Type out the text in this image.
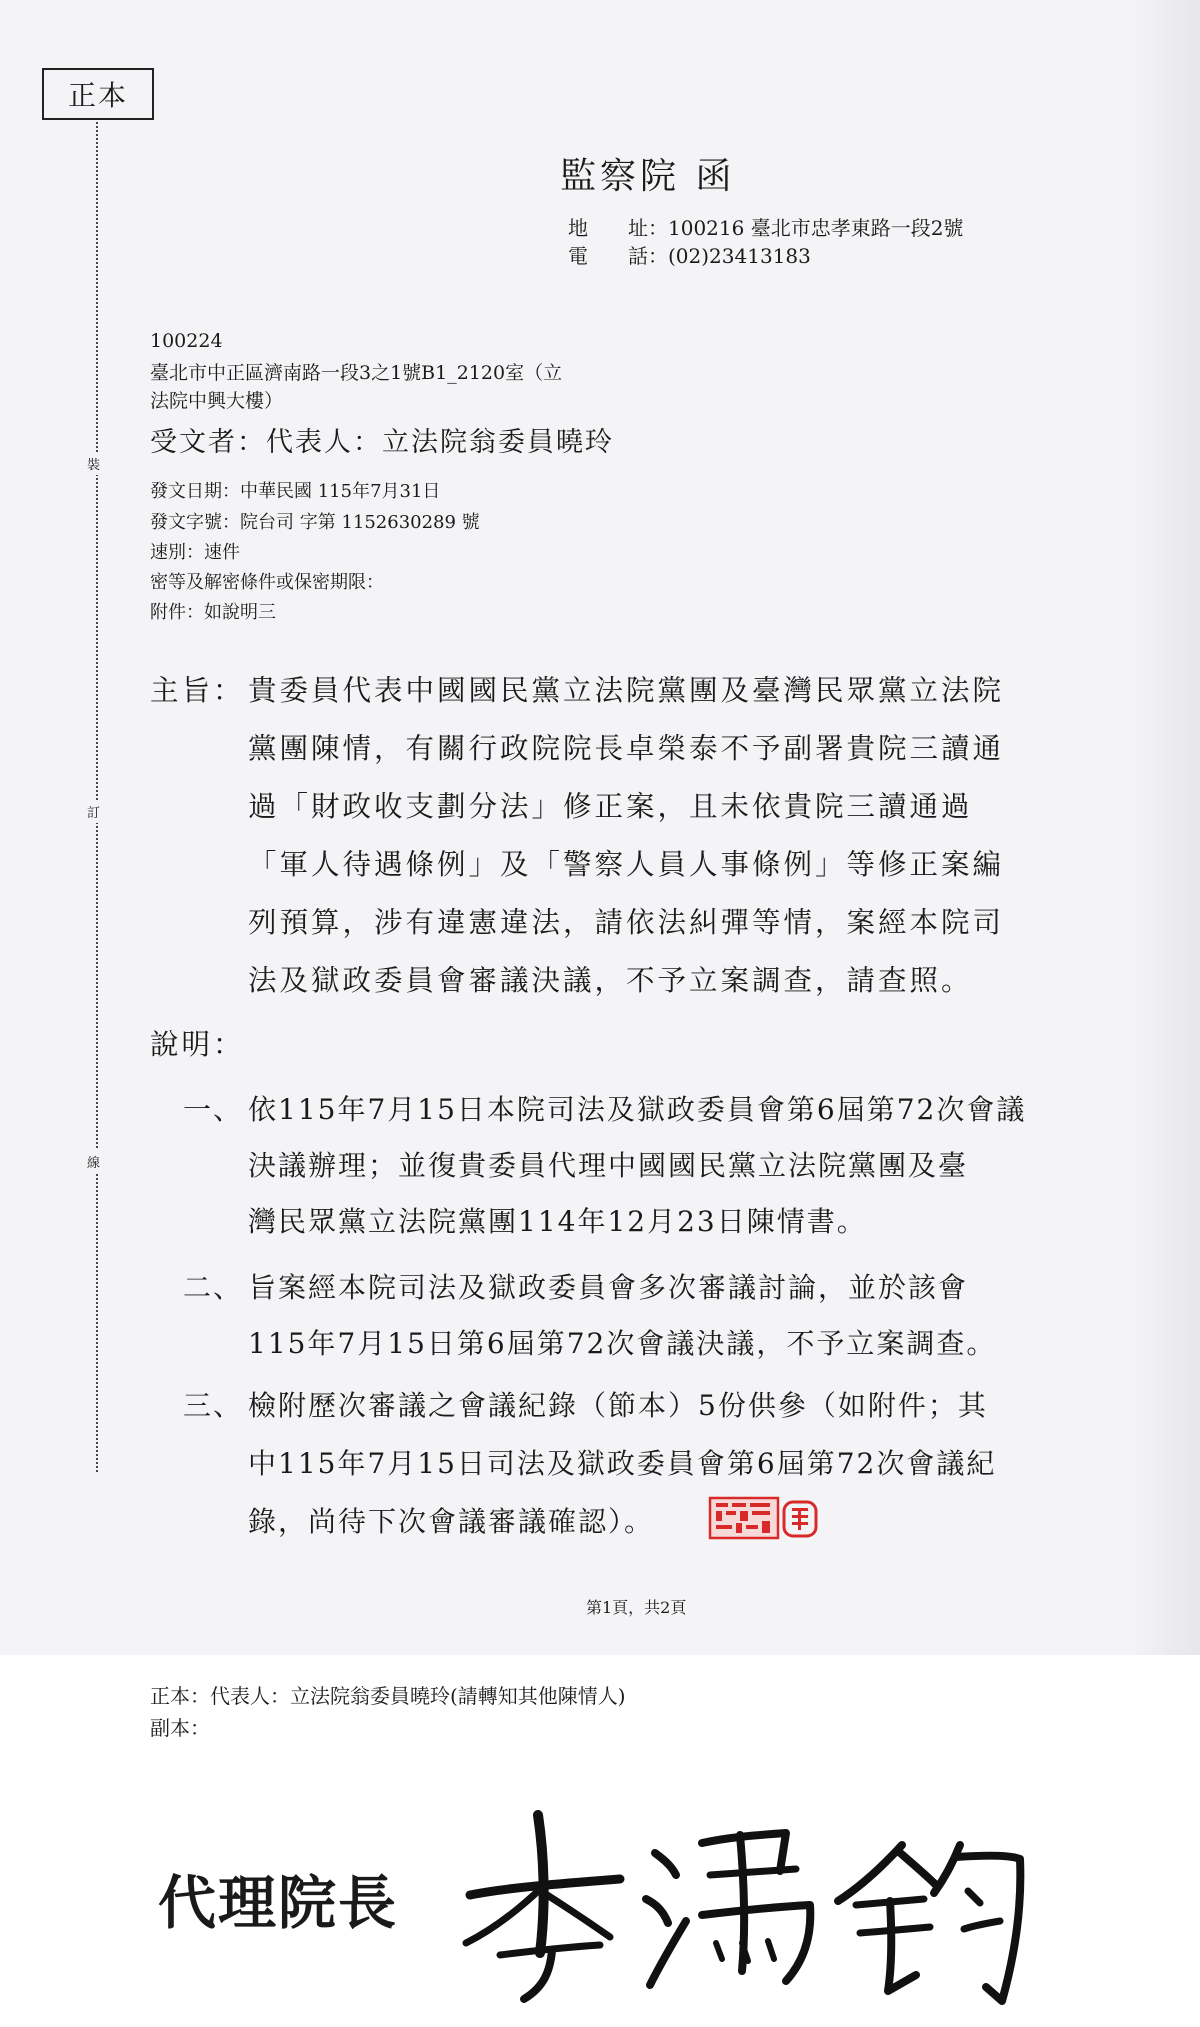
正本
裝
訂
線
監察院 函
地 址：100216 臺北市忠孝東路一段2號
電 話：(02)23413183
100224
臺北市中正區濟南路一段3之1號B1_2120室（立
法院中興大樓）
受文者：代表人：立法院翁委員曉玲
發文日期：中華民國 115年7月31日
發文字號：院台司 字第 1152630289 號
速別：速件
密等及解密條件或保密期限：
附件：如說明三
主旨： 貴委員代表中國國民黨立法院黨團及臺灣民眾黨立法院
黨團陳情，有關行政院院長卓榮泰不予副署貴院三讀通
過「財政收支劃分法」修正案，且未依貴院三讀通過
「軍人待遇條例」及「警察人員人事條例」等修正案編
列預算，涉有違憲違法，請依法糾彈等情，案經本院司
法及獄政委員會審議決議，不予立案調查，請查照。
說明：
一、 依115年7月15日本院司法及獄政委員會第6屆第72次會議
決議辦理；並復貴委員代理中國國民黨立法院黨團及臺
灣民眾黨立法院黨團114年12月23日陳情書。
二、 旨案經本院司法及獄政委員會多次審議討論，並於該會
115年7月15日第6屆第72次會議決議，不予立案調查。
三、 檢附歷次審議之會議紀錄（節本）5份供參（如附件；其
中115年7月15日司法及獄政委員會第6屆第72次會議紀
錄，尚待下次會議審議確認）。
第1頁，共2頁
正本：代表人：立法院翁委員曉玲(請轉知其他陳情人)
副本：
代理院長
